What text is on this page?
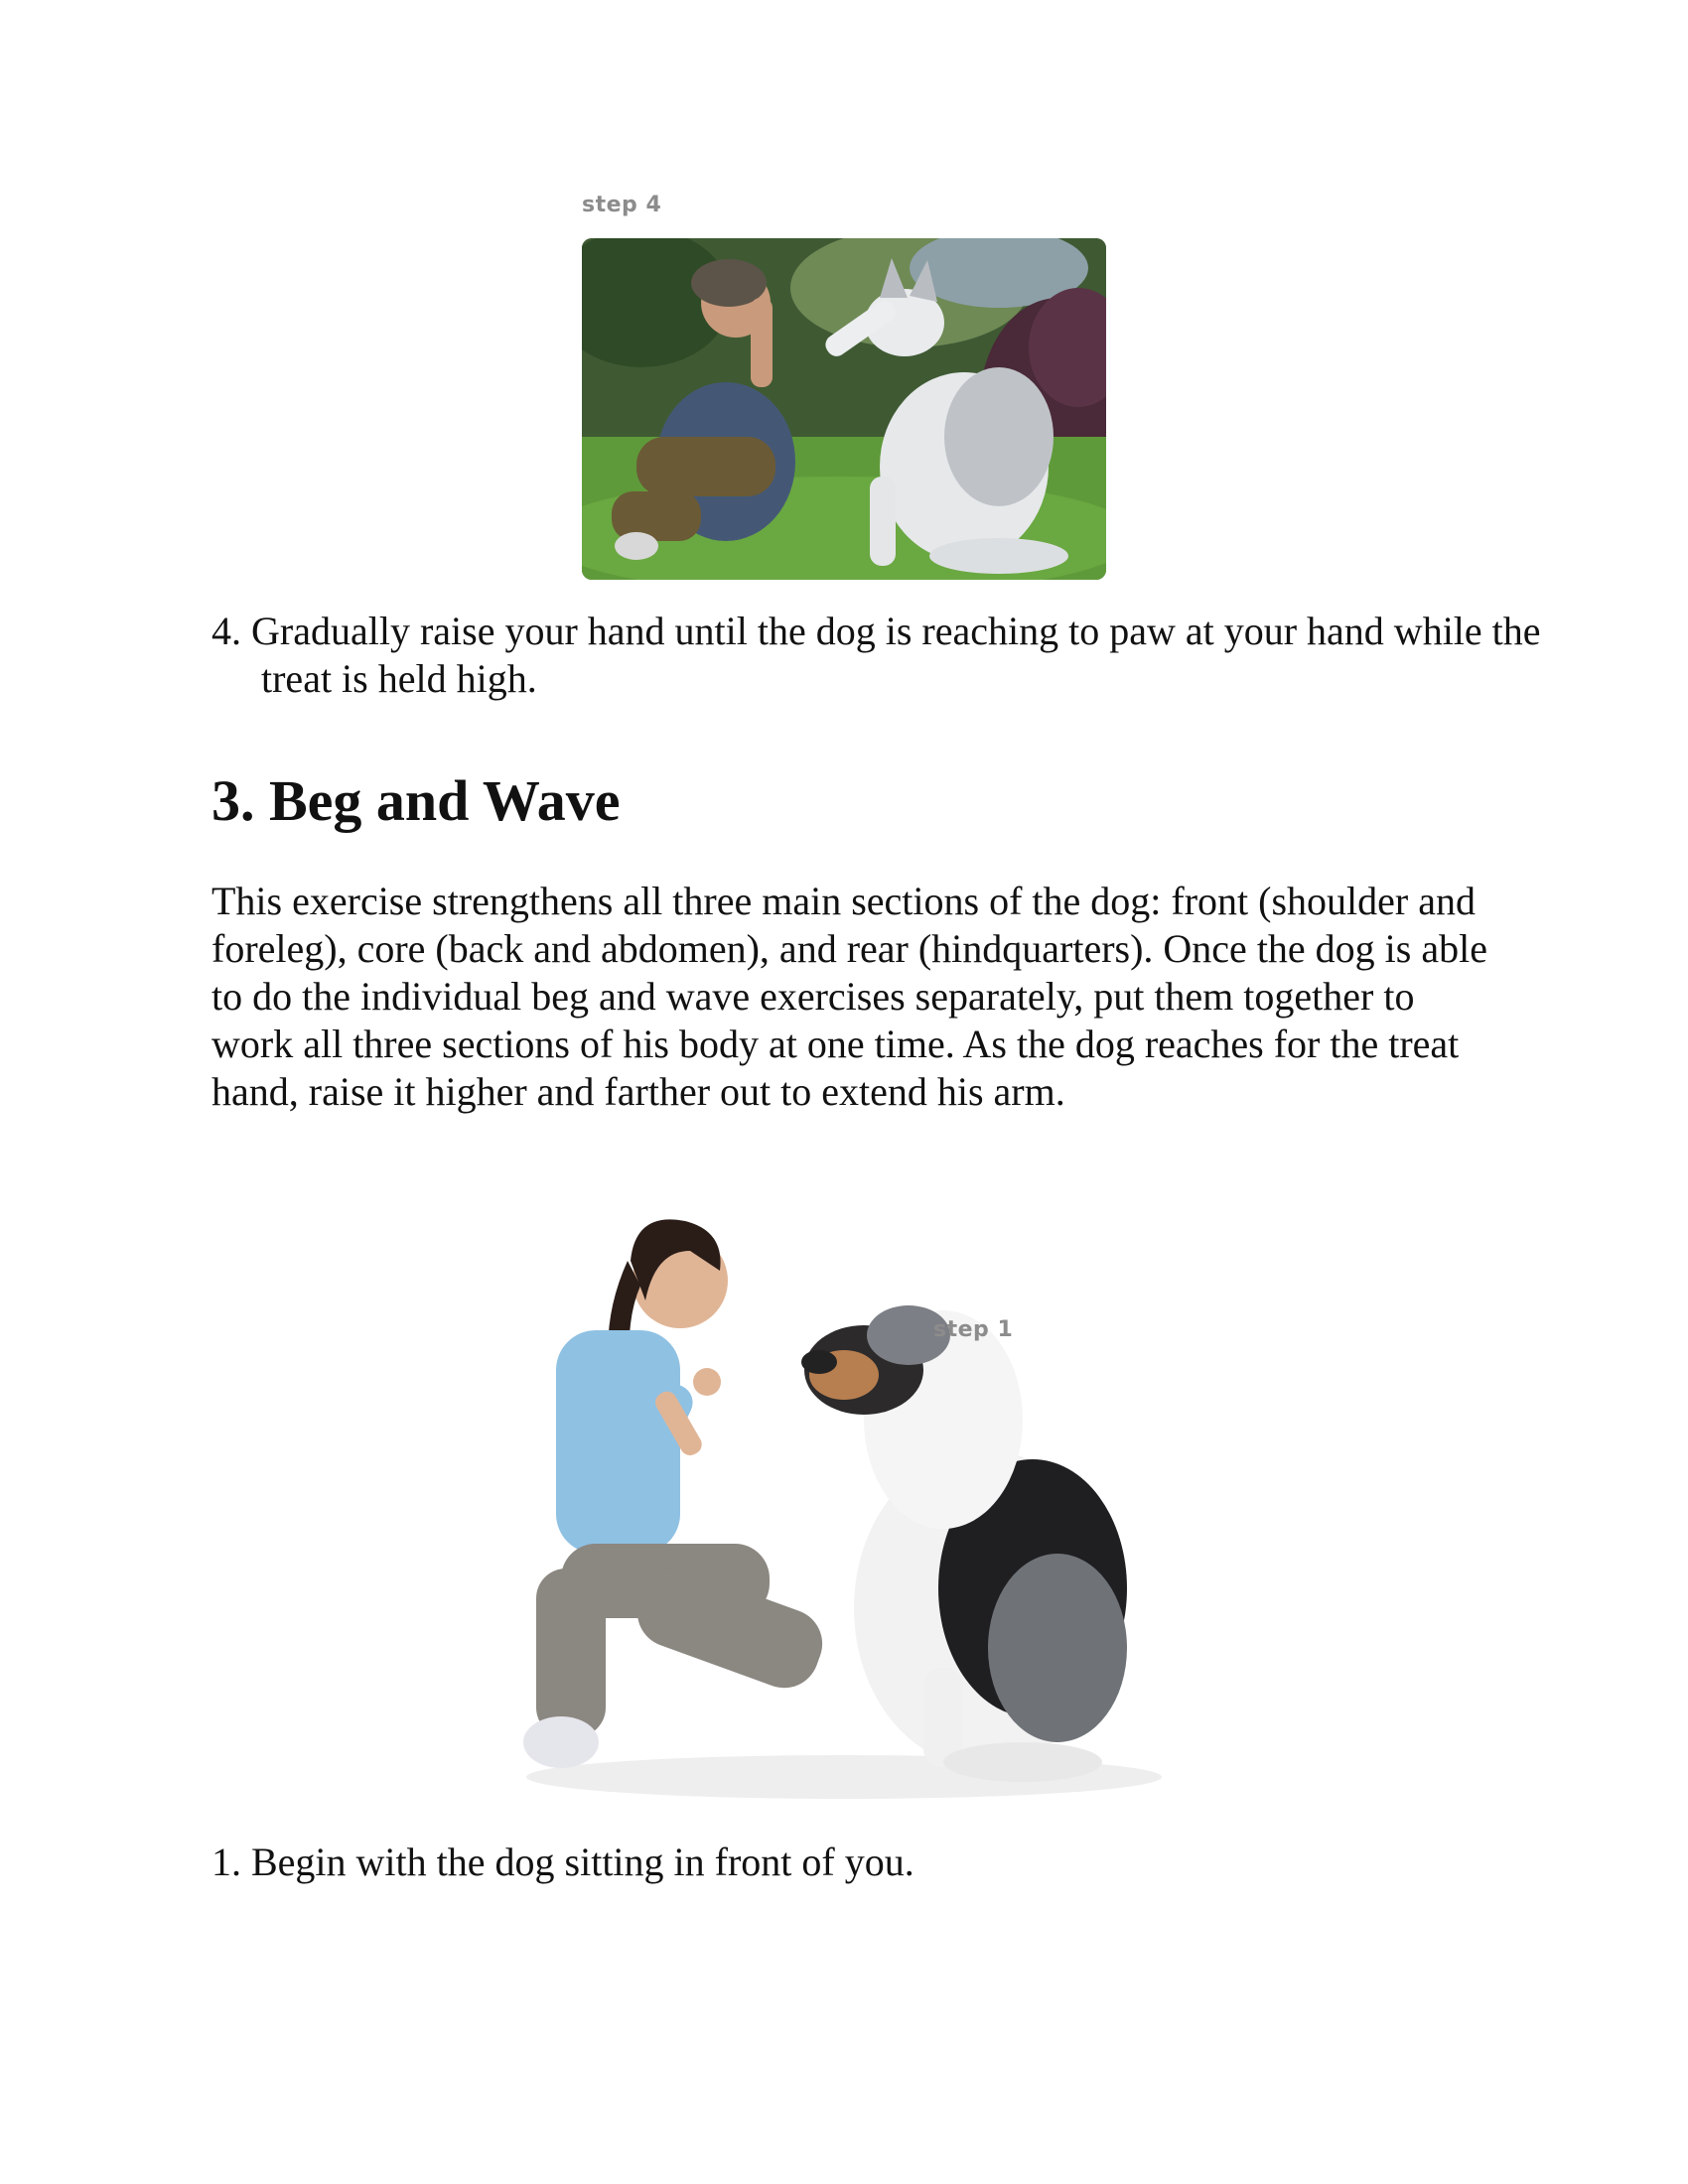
step 4
4. Gradually raise your hand until the dog is reaching to paw at your hand while the treat is held high.
3. Beg and Wave

This exercise strengthens all three main sections of the dog: front (shoulder and foreleg), core (back and abdomen), and rear (hindquarters). Once the dog is able to do the individual beg and wave exercises separately, put them together to work all three sections of his body at one time. As the dog reaches for the treat hand, raise it higher and farther out to extend his arm.

step 1
1. Begin with the dog sitting in front of you.
